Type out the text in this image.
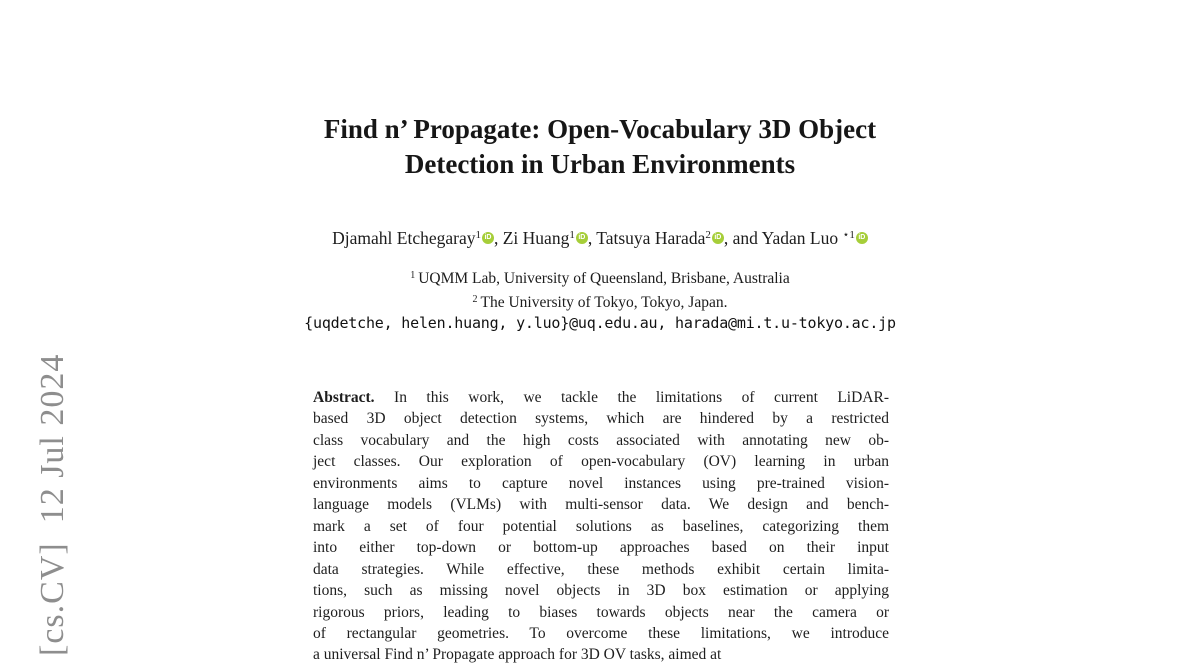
[cs.CV]  12 Jul 2024
Find n’ Propagate: Open-Vocabulary 3D Object
Detection in Urban Environments
Djamahl Etchegaray$^1$ iD , Zi Huang$^1$ iD , Tatsuya Harada$^2$ iD , and Yadan Luo $^{⋆1}$ iD
$^1$ UQMM Lab, University of Queensland, Brisbane, Australia
$^2$ The University of Tokyo, Tokyo, Japan.
{uqdetche, helen.huang, y.luo}@uq.edu.au, harada@mi.t.u-tokyo.ac.jp
Abstract. In this work, we tackle the limitations of current LiDAR-
based 3D object detection systems, which are hindered by a restricted
class vocabulary and the high costs associated with annotating new ob-
ject classes. Our exploration of open-vocabulary (OV) learning in urban
environments aims to capture novel instances using pre-trained vision-
language models (VLMs) with multi-sensor data. We design and bench-
mark a set of four potential solutions as baselines, categorizing them
into either top-down or bottom-up approaches based on their input
data strategies. While effective, these methods exhibit certain limita-
tions, such as missing novel objects in 3D box estimation or applying
rigorous priors, leading to biases towards objects near the camera or
of rectangular geometries. To overcome these limitations, we introduce
a universal Find n’ Propagate approach for 3D OV tasks, aimed at
